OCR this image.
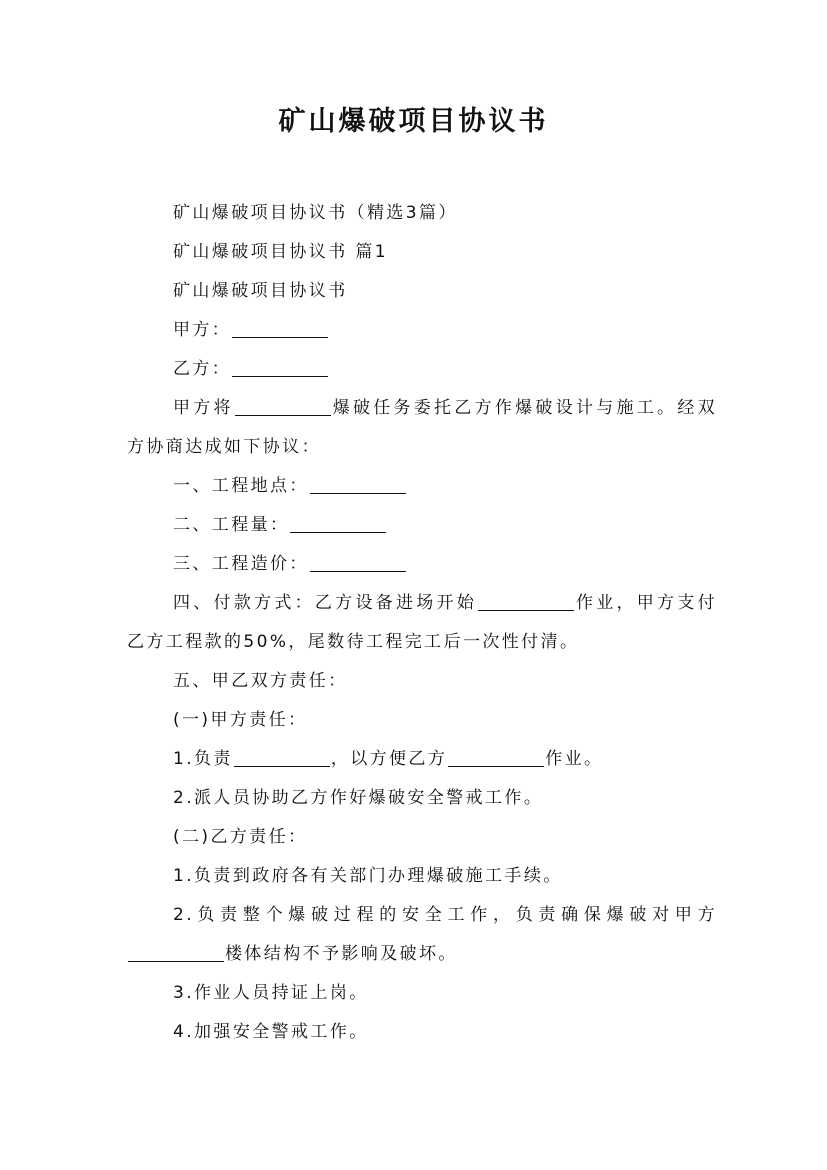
矿山爆破项目协议书

矿山爆破项目协议书（精选3篇）

矿山爆破项目协议书 篇1

矿山爆破项目协议书

甲方：

乙方：

甲方将	爆破任务委托乙方作爆破设计与施工。经双方协商达成如下协议：

一、工程地点：

二、工程量：

三、工程造价：

四、付款方式：乙方设备进场开始	作业，甲方支付乙方工程款的50%，尾数待工程完工后一次性付清。

五、甲乙双方责任：

(一)甲方责任：

1.负责	，以方便乙方	作业。

2.派人员协助乙方作好爆破安全警戒工作。

(二)乙方责任：

1.负责到政府各有关部门办理爆破施工手续。

2.负责整个爆破过程的安全工作，负责确保爆破对甲方楼体结构不予影响及破坏。

3.作业人员持证上岗。

4.加强安全警戒工作。
